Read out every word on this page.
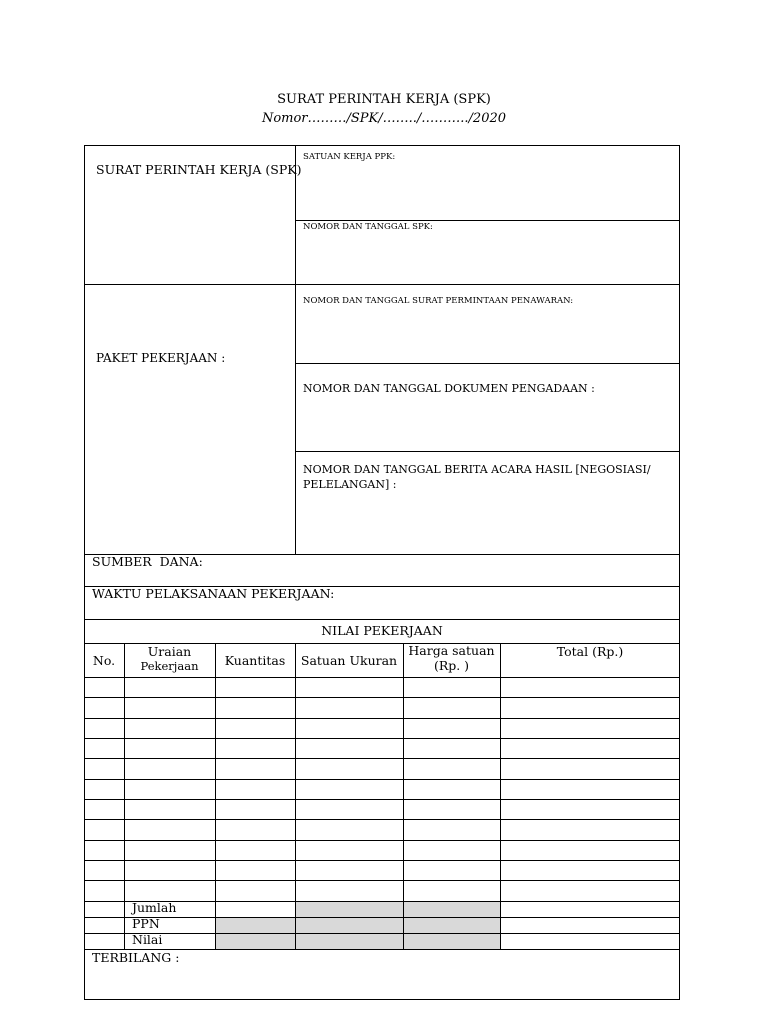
SURAT PERINTAH KERJA (SPK)
Nomor………/SPK/……../………../2020
SURAT PERINTAH KERJA (SPK)
SATUAN KERJA PPK:
NOMOR DAN TANGGAL SPK:
PAKET PEKERJAAN :
NOMOR DAN TANGGAL SURAT PERMINTAAN PENAWARAN:
NOMOR DAN TANGGAL DOKUMEN PENGADAAN :
NOMOR DAN TANGGAL BERITA ACARA HASIL [NEGOSIASI/
PELELANGAN] :
SUMBER  DANA:
WAKTU PELAKSANAAN PEKERJAAN:
NILAI PEKERJAAN
No.
Uraian
Pekerjaan	Kuantitas	Satuan Ukuran
Harga satuan
(Rp. )
Total (Rp.)
Jumlah
PPN
Nilai
TERBILANG :
